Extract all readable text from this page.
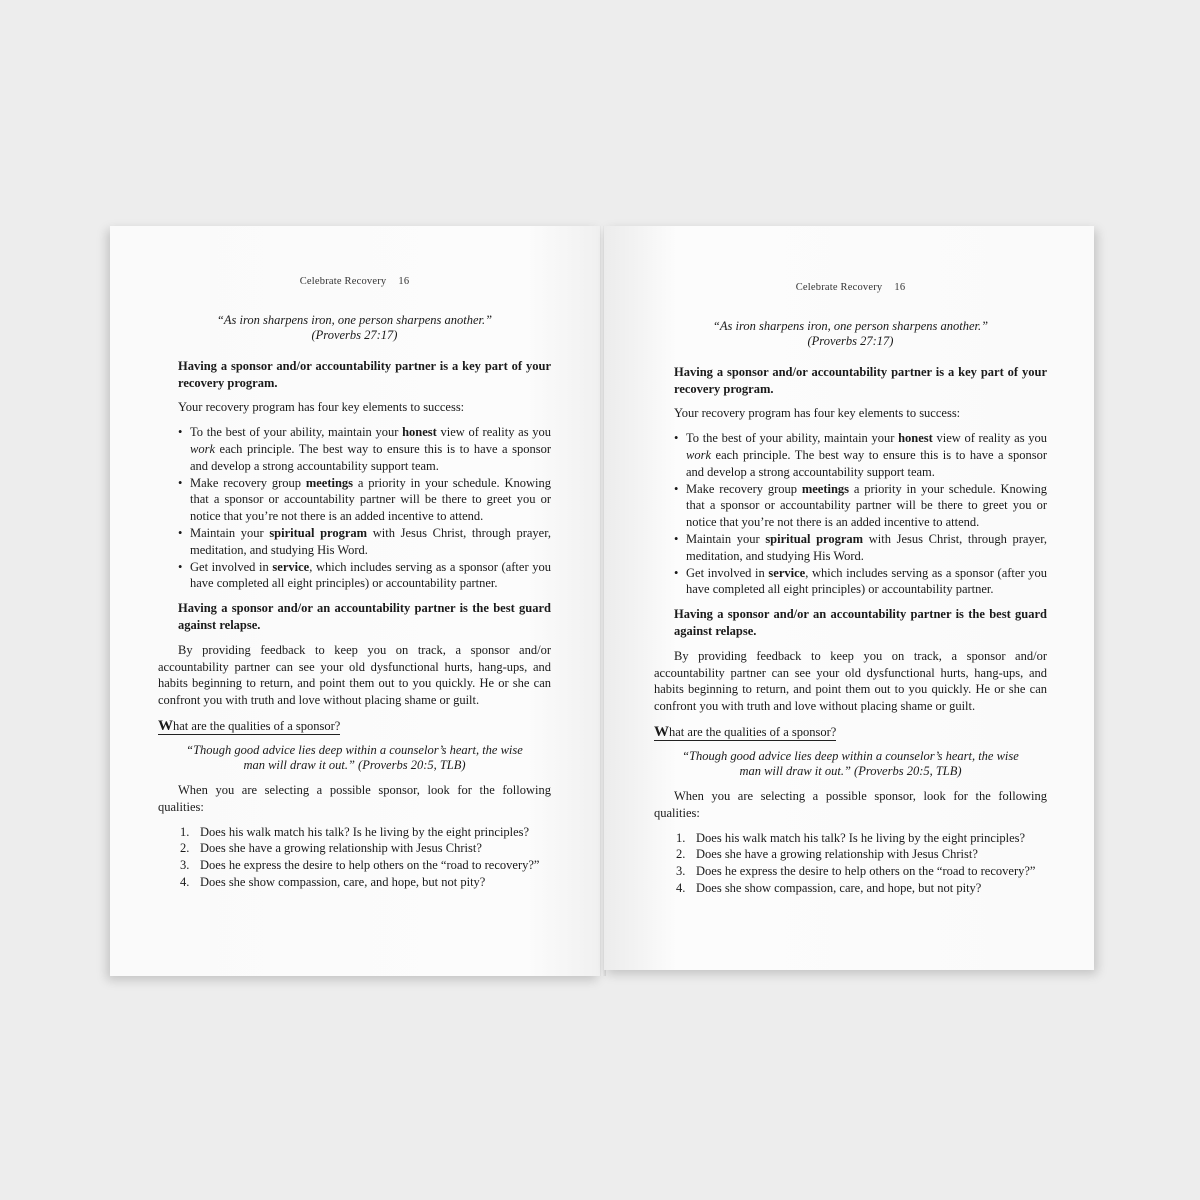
Celebrate Recovery 16
“As iron sharpens iron, one person sharpens another.”
(Proverbs 27:17)

Having a sponsor and/or accountability partner is a key part of your recovery program.

Your recovery program has four key elements to success:

• To the best of your ability, maintain your honest view of reality as you work each principle. The best way to ensure this is to have a sponsor and develop a strong accountability support team.
• Make recovery group meetings a priority in your schedule. Knowing that a sponsor or accountability partner will be there to greet you or notice that you’re not there is an added incentive to attend.
• Maintain your spiritual program with Jesus Christ, through prayer, meditation, and studying His Word.
• Get involved in service, which includes serving as a sponsor (after you have completed all eight principles) or accountability partner.

Having a sponsor and/or an accountability partner is the best guard against relapse.

By providing feedback to keep you on track, a sponsor and/or accountability partner can see your old dysfunctional hurts, hang-ups, and habits beginning to return, and point them out to you quickly. He or she can confront you with truth and love without placing shame or guilt.

What are the qualities of a sponsor?
“Though good advice lies deep within a counselor’s heart, the wise
man will draw it out.” (Proverbs 20:5, TLB)

When you are selecting a possible sponsor, look for the following qualities:

1. Does his walk match his talk? Is he living by the eight principles?
2. Does she have a growing relationship with Jesus Christ?
3. Does he express the desire to help others on the “road to recovery?”
4. Does she show compassion, care, and hope, but not pity?
Celebrate Recovery 16
“As iron sharpens iron, one person sharpens another.”
(Proverbs 27:17)

Having a sponsor and/or accountability partner is a key part of your recovery program.

Your recovery program has four key elements to success:

• To the best of your ability, maintain your honest view of reality as you work each principle. The best way to ensure this is to have a sponsor and develop a strong accountability support team.
• Make recovery group meetings a priority in your schedule. Knowing that a sponsor or accountability partner will be there to greet you or notice that you’re not there is an added incentive to attend.
• Maintain your spiritual program with Jesus Christ, through prayer, meditation, and studying His Word.
• Get involved in service, which includes serving as a sponsor (after you have completed all eight principles) or accountability partner.

Having a sponsor and/or an accountability partner is the best guard against relapse.

By providing feedback to keep you on track, a sponsor and/or accountability partner can see your old dysfunctional hurts, hang-ups, and habits beginning to return, and point them out to you quickly. He or she can confront you with truth and love without placing shame or guilt.

What are the qualities of a sponsor?
“Though good advice lies deep within a counselor’s heart, the wise
man will draw it out.” (Proverbs 20:5, TLB)

When you are selecting a possible sponsor, look for the following qualities:

1. Does his walk match his talk? Is he living by the eight principles?
2. Does she have a growing relationship with Jesus Christ?
3. Does he express the desire to help others on the “road to recovery?”
4. Does she show compassion, care, and hope, but not pity?
